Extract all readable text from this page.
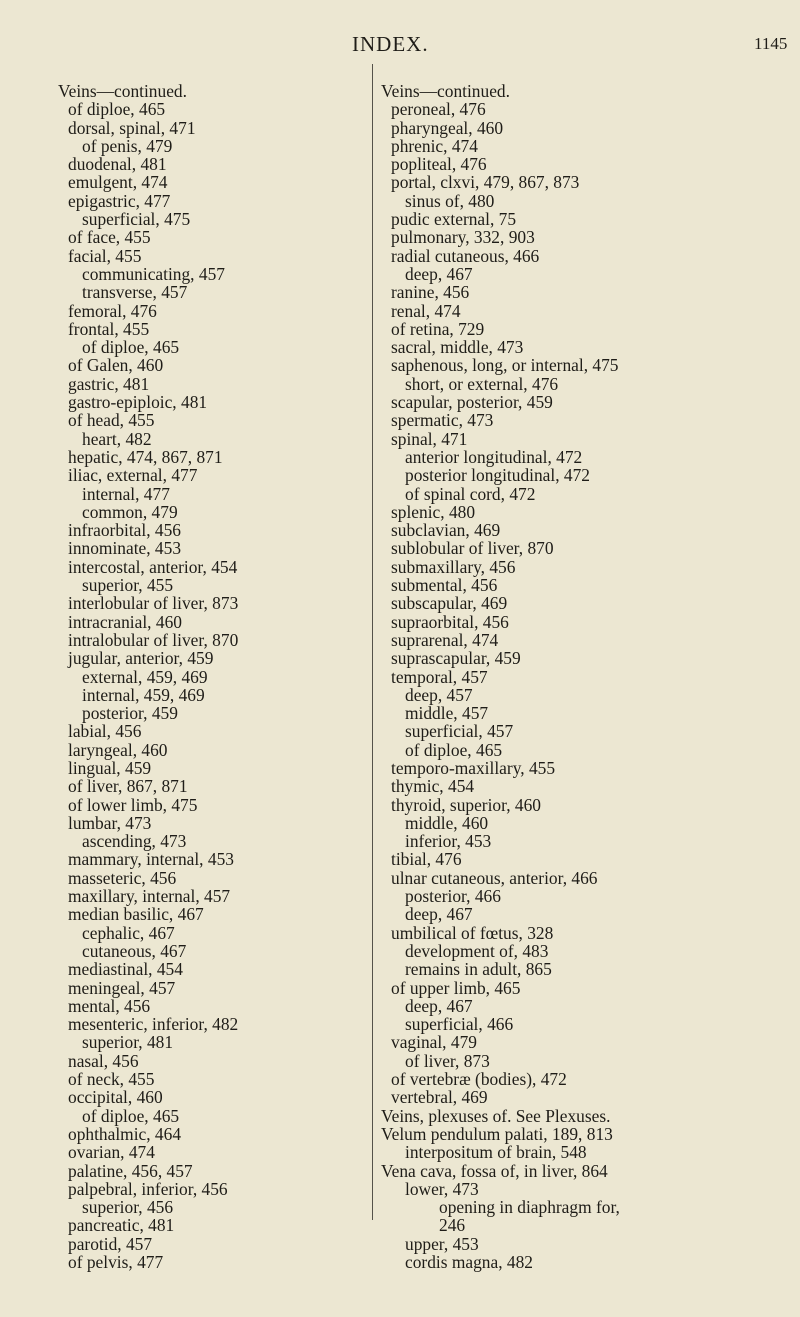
INDEX.	1145
Veins—continued.
of diploe, 465
dorsal, spinal, 471
of penis, 479
duodenal, 481
emulgent, 474
epigastric, 477
superficial, 475
of face, 455
facial, 455
communicating, 457
transverse, 457
femoral, 476
frontal, 455
of diploe, 465
of Galen, 460
gastric, 481
gastro-epiploic, 481
of head, 455
heart, 482
hepatic, 474, 867, 871
iliac, external, 477
internal, 477
common, 479
infraorbital, 456
innominate, 453
intercostal, anterior, 454
superior, 455
interlobular of liver, 873
intracranial, 460
intralobular of liver, 870
jugular, anterior, 459
external, 459, 469
internal, 459, 469
posterior, 459
labial, 456
laryngeal, 460
lingual, 459
of liver, 867, 871
of lower limb, 475
lumbar, 473
ascending, 473
mammary, internal, 453
masseteric, 456
maxillary, internal, 457
median basilic, 467
cephalic, 467
cutaneous, 467
mediastinal, 454
meningeal, 457
mental, 456
mesenteric, inferior, 482
superior, 481
nasal, 456
of neck, 455
occipital, 460
of diploe, 465
ophthalmic, 464
ovarian, 474
palatine, 456, 457
palpebral, inferior, 456
superior, 456
pancreatic, 481
parotid, 457
of pelvis, 477
Veins—continued.
peroneal, 476
pharyngeal, 460
phrenic, 474
popliteal, 476
portal, clxvi, 479, 867, 873
sinus of, 480
pudic external, 75
pulmonary, 332, 903
radial cutaneous, 466
deep, 467
ranine, 456
renal, 474
of retina, 729
sacral, middle, 473
saphenous, long, or internal, 475
short, or external, 476
scapular, posterior, 459
spermatic, 473
spinal, 471
anterior longitudinal, 472
posterior longitudinal, 472
of spinal cord, 472
splenic, 480
subclavian, 469
sublobular of liver, 870
submaxillary, 456
submental, 456
subscapular, 469
supraorbital, 456
suprarenal, 474
suprascapular, 459
temporal, 457
deep, 457
middle, 457
superficial, 457
of diploe, 465
temporo-maxillary, 455
thymic, 454
thyroid, superior, 460
middle, 460
inferior, 453
tibial, 476
ulnar cutaneous, anterior, 466
posterior, 466
deep, 467
umbilical of fœtus, 328
development of, 483
remains in adult, 865
of upper limb, 465
deep, 467
superficial, 466
vaginal, 479
of liver, 873
of vertebræ (bodies), 472
vertebral, 469
Veins, plexuses of. See Plexuses.
Velum pendulum palati, 189, 813
interpositum of brain, 548
Vena cava, fossa of, in liver, 864
lower, 473
opening in diaphragm for,
246
upper, 453
cordis magna, 482
